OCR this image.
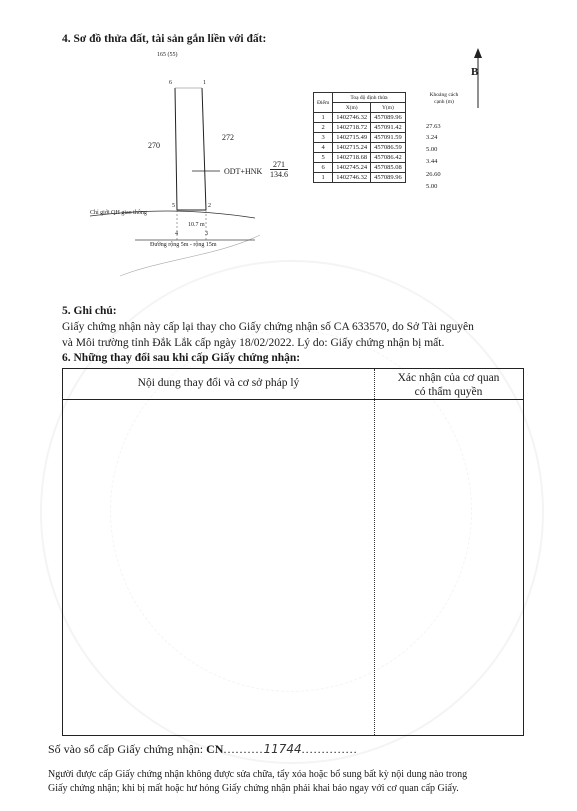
4. Sơ đồ thửa đất, tài sản gắn liền với đất:
B
165 (55)
270
272
ODT+HNK
271
134.6
6	1
5	2
4	3
Chỉ giới QH giao thông
10.7 m
Đường rộng 5m - rộng 15m
Điểm	Toạ độ định thửa	
	X(m)	Y(m)
1	1402746.32	457089.96
2	1402718.72	457091.42
3	1402715.49	457091.59
4	1402715.24	457086.59
5	1402718.68	457086.42
6	1402745.24	457085.08
1	1402746.32	457089.96
Khoảng cách cạnh (m)
27.63
3.24
5.00
3.44
26.60
5.00
5. Ghi chú:
Giấy chứng nhận này cấp lại thay cho Giấy chứng nhận số CA 633570, do Sở Tài nguyên
và Môi trường tỉnh Đắk Lắk cấp ngày 18/02/2022. Lý do: Giấy chứng nhận bị mất.
6. Những thay đổi sau khi cấp Giấy chứng nhận:
Nội dung thay đổi và cơ sở pháp lý	Xác nhận của cơ quan
có thẩm quyền
Số vào sổ cấp Giấy chứng nhận: CN..........11744..............
Người được cấp Giấy chứng nhận không được sửa chữa, tẩy xóa hoặc bổ sung bất kỳ nội dung nào trong
Giấy chứng nhận; khi bị mất hoặc hư hỏng Giấy chứng nhận phải khai báo ngay với cơ quan cấp Giấy.
